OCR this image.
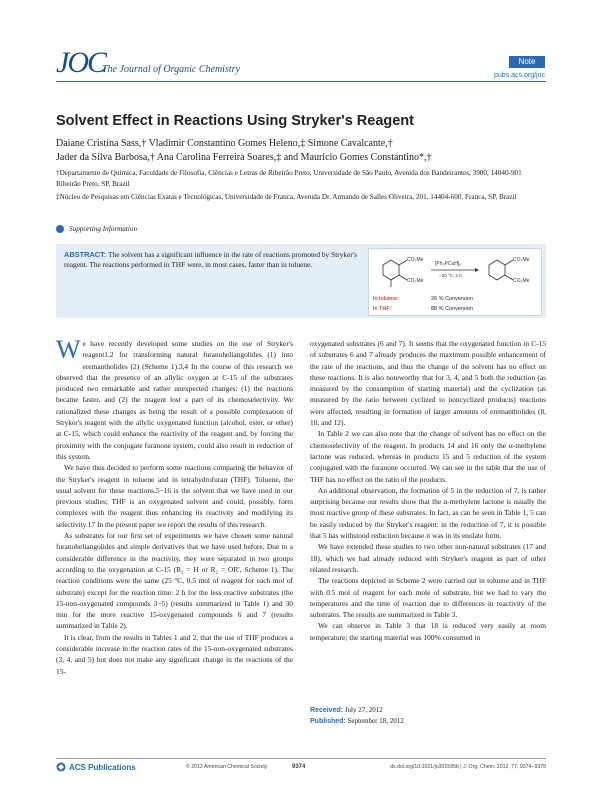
JOC
The Journal of Organic Chemistry
Note
pubs.acs.org/joc
Solvent Effect in Reactions Using Stryker's Reagent
Daiane Cristina Sass,† Vladimir Constantino Gomes Heleno,‡ Simone Cavalcante,†
Jader da Silva Barbosa,† Ana Carolina Ferreira Soares,‡ and Mauricio Gomes Constantino*,†

†Departamento de Química, Faculdade de Filosofia, Ciências e Letras de Ribeirão Preto, Universidade de São Paulo, Avenida dos Bandeirantes, 3900, 14040-901 Ribeirão Preto, SP, Brazil

‡Núcleo de Pesquisas em Ciências Exatas e Tecnológicas, Universidade de Franca, Avenida Dr. Armando de Salles Oliveira, 201, 14404-600, Franca, SP, Brazil

Supporting Information
ABSTRACT: The solvent has a significant influence in the rate of reactions promoted by Stryker's reagent. The reactions performed in THF were, in most cases, faster than in toluene.	CO₂Me
CO₂Me
[Ph₃PCuH]₆
−20 °C, 2 h
CO₂Me
CO₂Me
In toluene:	26 % Conversion
In THF:	88 % Conversion

We have recently developed some studies on the use of Stryker's reagent1,2 for transforming natural furanoheliangolides (1) into eremantholides (2) (Scheme 1).3,4 In the course of this research we observed that the presence of an allylic oxygen at C-15 of the substrates produced two remarkable and rather unexpected changes: (1) the reactions became faster, and (2) the reagent lost a part of its chemoselectivity. We rationalized these changes as being the result of a possible complexation of Stryker's reagent with the allylic oxygenated function (alcohol, ester, or ether) at C-15, which could enhance the reactivity of the reagent and, by forcing the proximity with the conjugate furanone system, could also result in reduction of this system.

We have thus decided to perform some reactions comparing the behavior of the Stryker's reagent in toluene and in tetrahydrofuran (THF). Toluene, the usual solvent for these reactions,5−16 is the solvent that we have used in our previous studies; THF is an oxygenated solvent and could, possibly, form complexes with the reagent thus enhancing its reactivity and modifying its selectivity.17 In the present paper we report the results of this research.

As substrates for our first set of experiments we have chosen some natural furanoheliangolides and simple derivatives that we have used before. Due to a considerable difference in the reactivity, they were separated in two groups according to the oxygenation at C-15 (R₂ = H or R₂ = OR′, Scheme 1). The reaction conditions were the same (25 °C, 0.5 mol of reagent for each mol of substrate) except for the reaction time: 2 h for the less reactive substrates (the 15-non-oxygenated compounds 3−5) (results summarized in Table 1) and 30 min for the more reactive 15-oxygenated compounds 6 and 7 (results summarized in Table 2).

It is clear, from the results in Tables 1 and 2, that the use of THF produces a considerable increase in the reaction rates of the 15-non-oxygenated substrates (3, 4, and 5) but does not make any significant change in the reactions of the 15-

oxygenated substrates (6 and 7). It seems that the oxygenated function in C-15 of substrates 6 and 7 already produces the maximum possible enhancement of the rate of the reactions, and thus the change of the solvent has no effect on these reactions. It is also noteworthy that for 3, 4, and 5 both the reduction (as measured by the consumption of starting material) and the cyclization (as measured by the ratio between cyclized to noncyclized products) reactions were affected, resulting in formation of larger amounts of eremantholides (8, 10, and 12).

In Table 2 we can also note that the change of solvent has no effect on the chemoselectivity of the reagent. In products 14 and 16 only the α-methylene lactone was reduced, whereas in products 15 and 5 reduction of the system conjugated with the furanone occurred. We can see in the table that the use of THF has no effect on the ratio of the products.

An additional observation, the formation of 5 in the reduction of 7, is rather surprising because our results show that the α-methylene lactone is usually the most reactive group of these substrates. In fact, as can be seen in Table 1, 5 can be easily reduced by the Stryker's reagent: in the reduction of 7, it is possible that 5 has withstood reduction because it was in its enolate form.

We have extended these studies to two other non-natural substrates (17 and 18), which we had already reduced with Stryker's reagent as part of other related research.

The reactions depicted in Scheme 2 were carried out in toluene and in THF with 0.5 mol of reagent for each mole of substrate, but we had to vary the temperatures and the time of reaction due to differences in reactivity of the substrates. The results are summarized in Table 3.

We can observe in Table 3 that 18 is reduced very easily at room temperature; the starting material was 100% consumed in

Received: July 27, 2012
Published: September 18, 2012
ACS Publications	© 2012 American Chemical Society	9374	dx.doi.org/10.1021/jo301595b | J. Org. Chem. 2012, 77, 9374−9378
